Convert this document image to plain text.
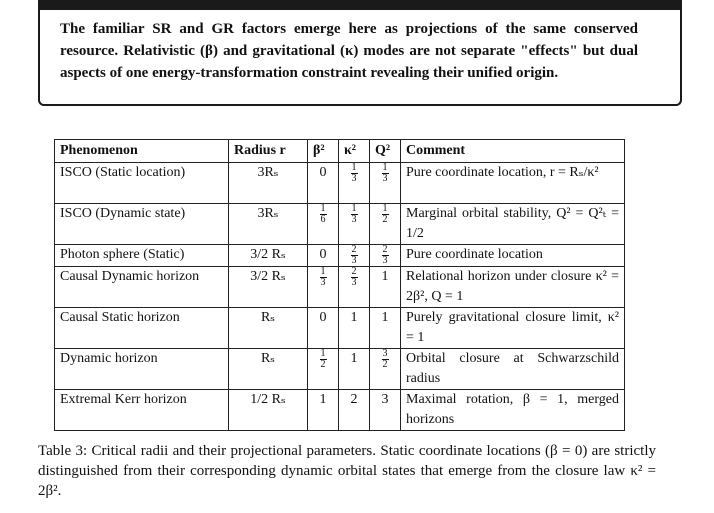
The familiar SR and GR factors emerge here as projections of the same conserved resource. Relativistic (β) and gravitational (κ) modes are not separate "effects" but dual aspects of one energy-transformation constraint revealing their unified origin.
Phenomenon	Radius r	β²	κ²	Q²	Comment
ISCO (Static location)	3Rₛ	0	$\frac{1}{3}$	$\frac{1}{3}$	Pure coordinate location, r = Rₛ/κ²
ISCO (Dynamic state)	3Rₛ	$\frac{1}{6}$	$\frac{1}{3}$	$\frac{1}{2}$	Marginal orbital stability, Q² = Q²ₜ = 1/2
Photon sphere (Static)	3/2 Rₛ	0	$\frac{2}{3}$	$\frac{2}{3}$	Pure coordinate location
Causal Dynamic horizon	3/2 Rₛ	$\frac{1}{3}$	$\frac{2}{3}$	1	Relational horizon under closure κ² = 2β², Q = 1
Causal Static horizon	Rₛ	0	1	1	Purely gravitational closure limit, κ² = 1
Dynamic horizon	Rₛ	$\frac{1}{2}$	1	$\frac{3}{2}$	Orbital closure at Schwarzschild radius
Extremal Kerr horizon	1/2 Rₛ	1	2	3	Maximal rotation, β = 1, merged horizons
Table 3: Critical radii and their projectional parameters. Static coordinate locations (β = 0) are strictly distinguished from their corresponding dynamic orbital states that emerge from the closure law κ² = 2β².
